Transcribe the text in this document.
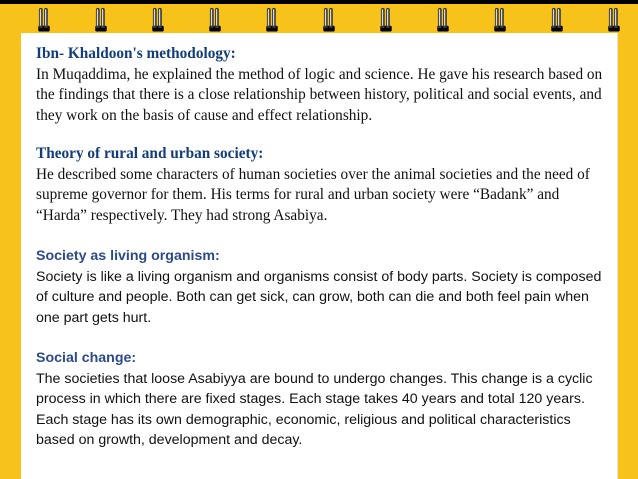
Ibn- Khaldoon's methodology:
In Muqaddima, he explained the method of logic and science. He gave his research based on the findings that there is a close relationship between history, political and social events, and they work on the basis of cause and effect relationship.
Theory of rural and urban society:
He described some characters of human societies over the animal societies and the need of supreme governor for them. His terms for rural and urban society were “Badank” and “Harda” respectively. They had strong Asabiya.
Society as living organism:
Society is like a living organism and organisms consist of body parts. Society is composed of culture and people. Both can get sick, can grow, both can die and both feel pain when one part gets hurt.
Social change:
The societies that loose Asabiyya are bound to undergo changes. This change is a cyclic process in which there are fixed stages. Each stage takes 40 years and total 120 years. Each stage has its own demographic, economic, religious and political characteristics based on growth, development and decay.
